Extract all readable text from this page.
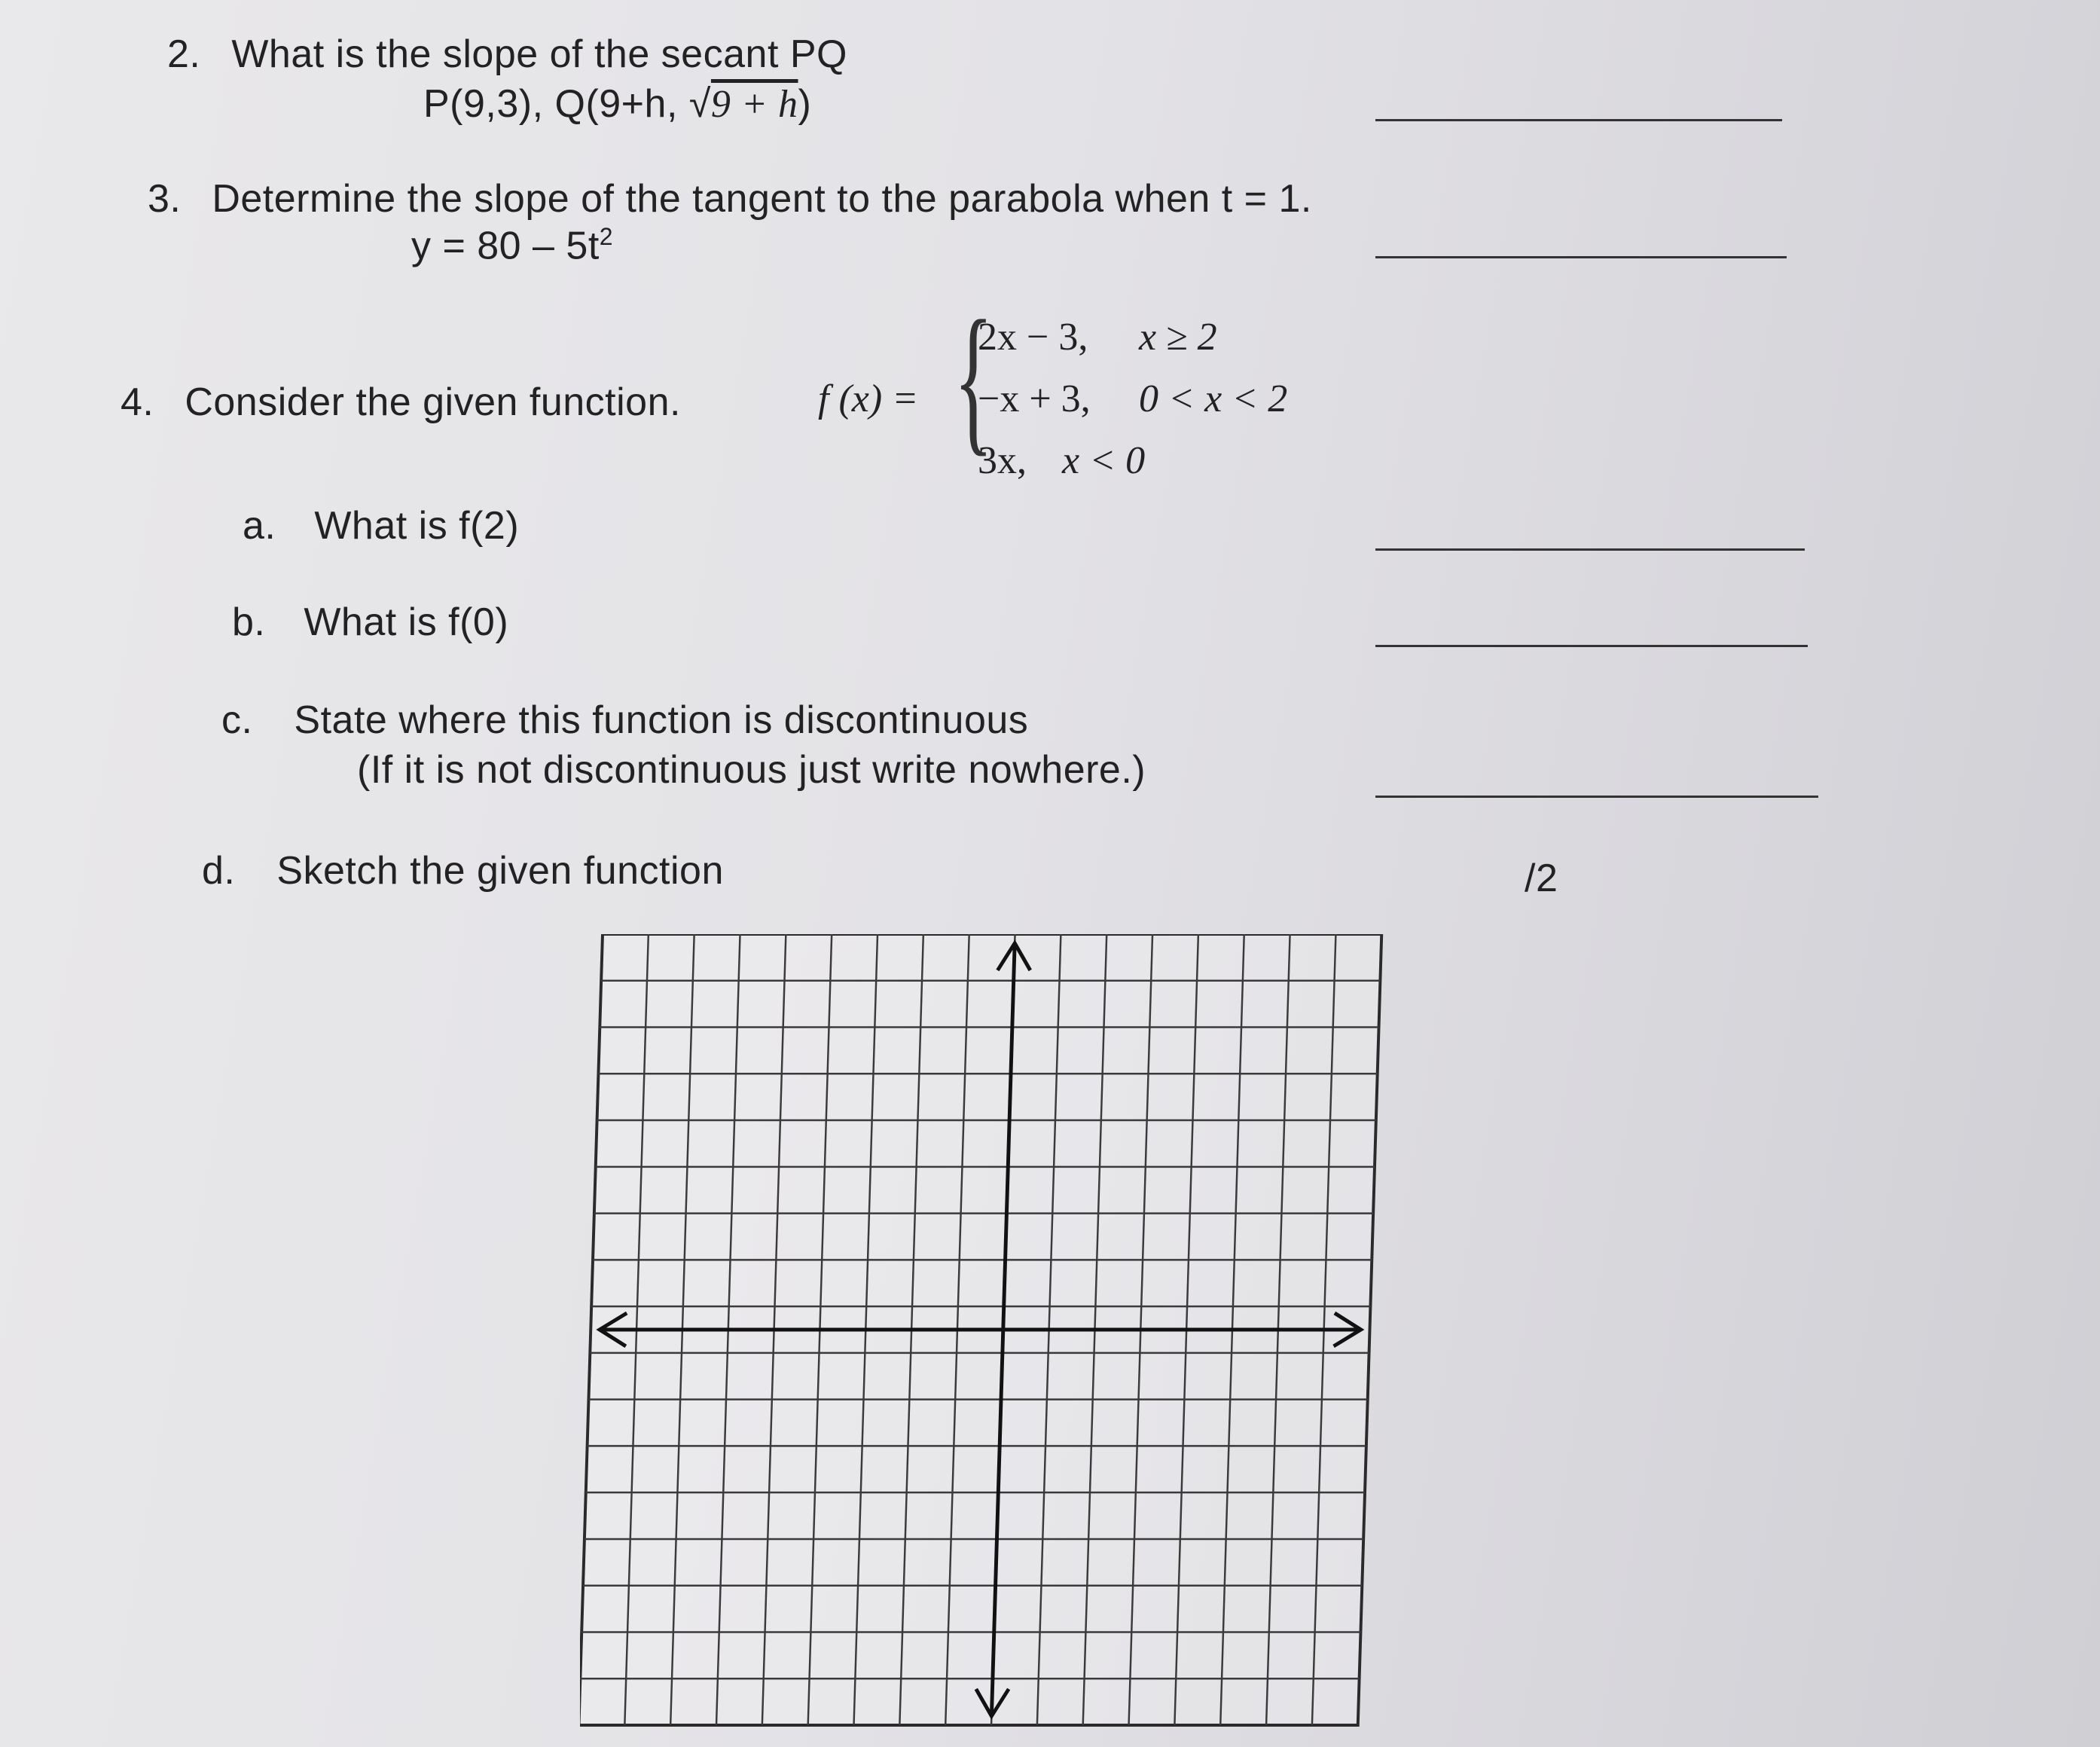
2. What is the slope of the secant PQ
P(9,3), Q(9+h, √9 + h)
3. Determine the slope of the tangent to the parabola when t = 1.
$y = 80 - 5t^2$
4. Consider the given function.	f (x) = {
2x − 3, x ≥ 2
−x + 3, 0 < x < 2
3x, x < 0
a. What is f(2)
b. What is f(0)
c. State where this function is discontinuous
(If it is not discontinuous just write nowhere.)
d. Sketch the given function	/2
